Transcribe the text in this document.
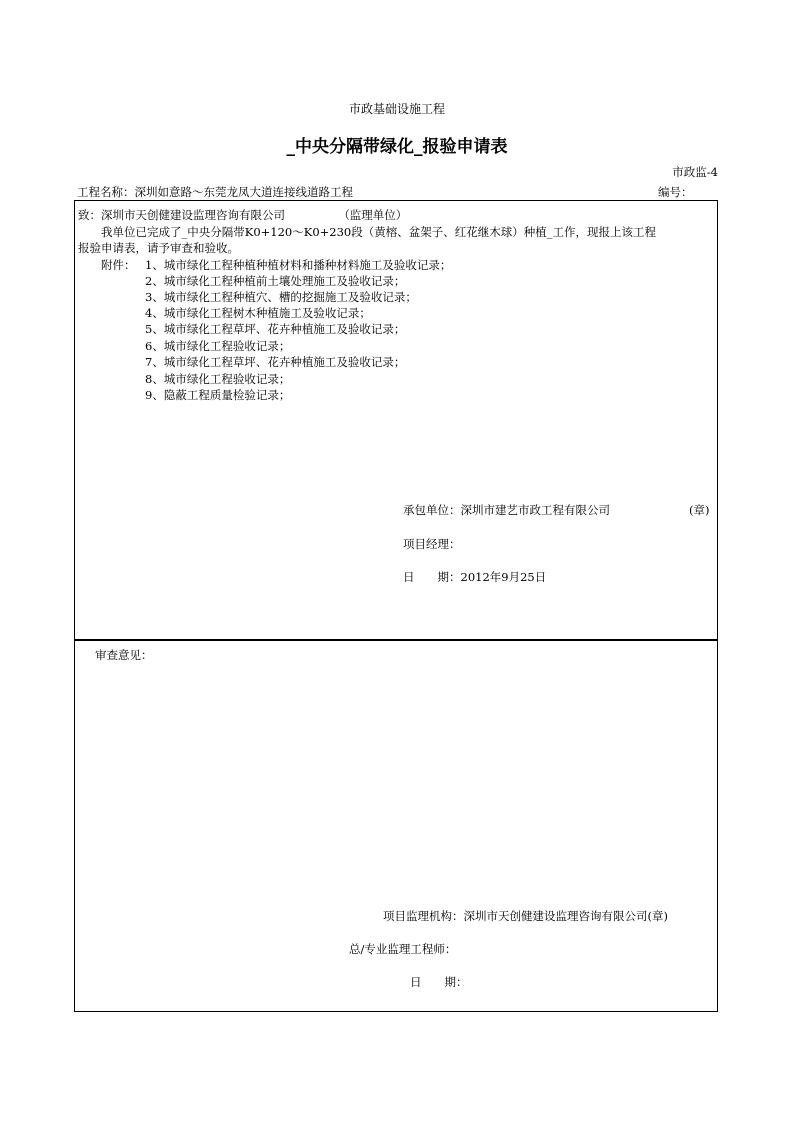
市政基础设施工程
_中央分隔带绿化_报验申请表
市政监-4
工程名称：深圳如意路～东莞龙凤大道连接线道路工程	编号：
致：深圳市天创健建设监理咨询有限公司	（监理单位）
我单位已完成了_中央分隔带K0+120～K0+230段（黄榕、盆架子、红花继木球）种植_工作，现报上该工程
报验申请表，请予审查和验收。
附件： 1、城市绿化工程种植种植材料和播种材料施工及验收记录；
2、城市绿化工程种植前土壤处理施工及验收记录；
3、城市绿化工程种植穴、槽的挖掘施工及验收记录；
4、城市绿化工程树木种植施工及验收记录；
5、城市绿化工程草坪、花卉种植施工及验收记录；
6、城市绿化工程验收记录；
7、城市绿化工程草坪、花卉种植施工及验收记录；
8、城市绿化工程验收记录；
9、隐蔽工程质量检验记录；
承包单位：深圳市建艺市政工程有限公司	(章)
项目经理：
日　　期：2012年9月25日
审查意见：
项目监理机构：深圳市天创健建设监理咨询有限公司(章)
总/专业监理工程师：
日　　期：
